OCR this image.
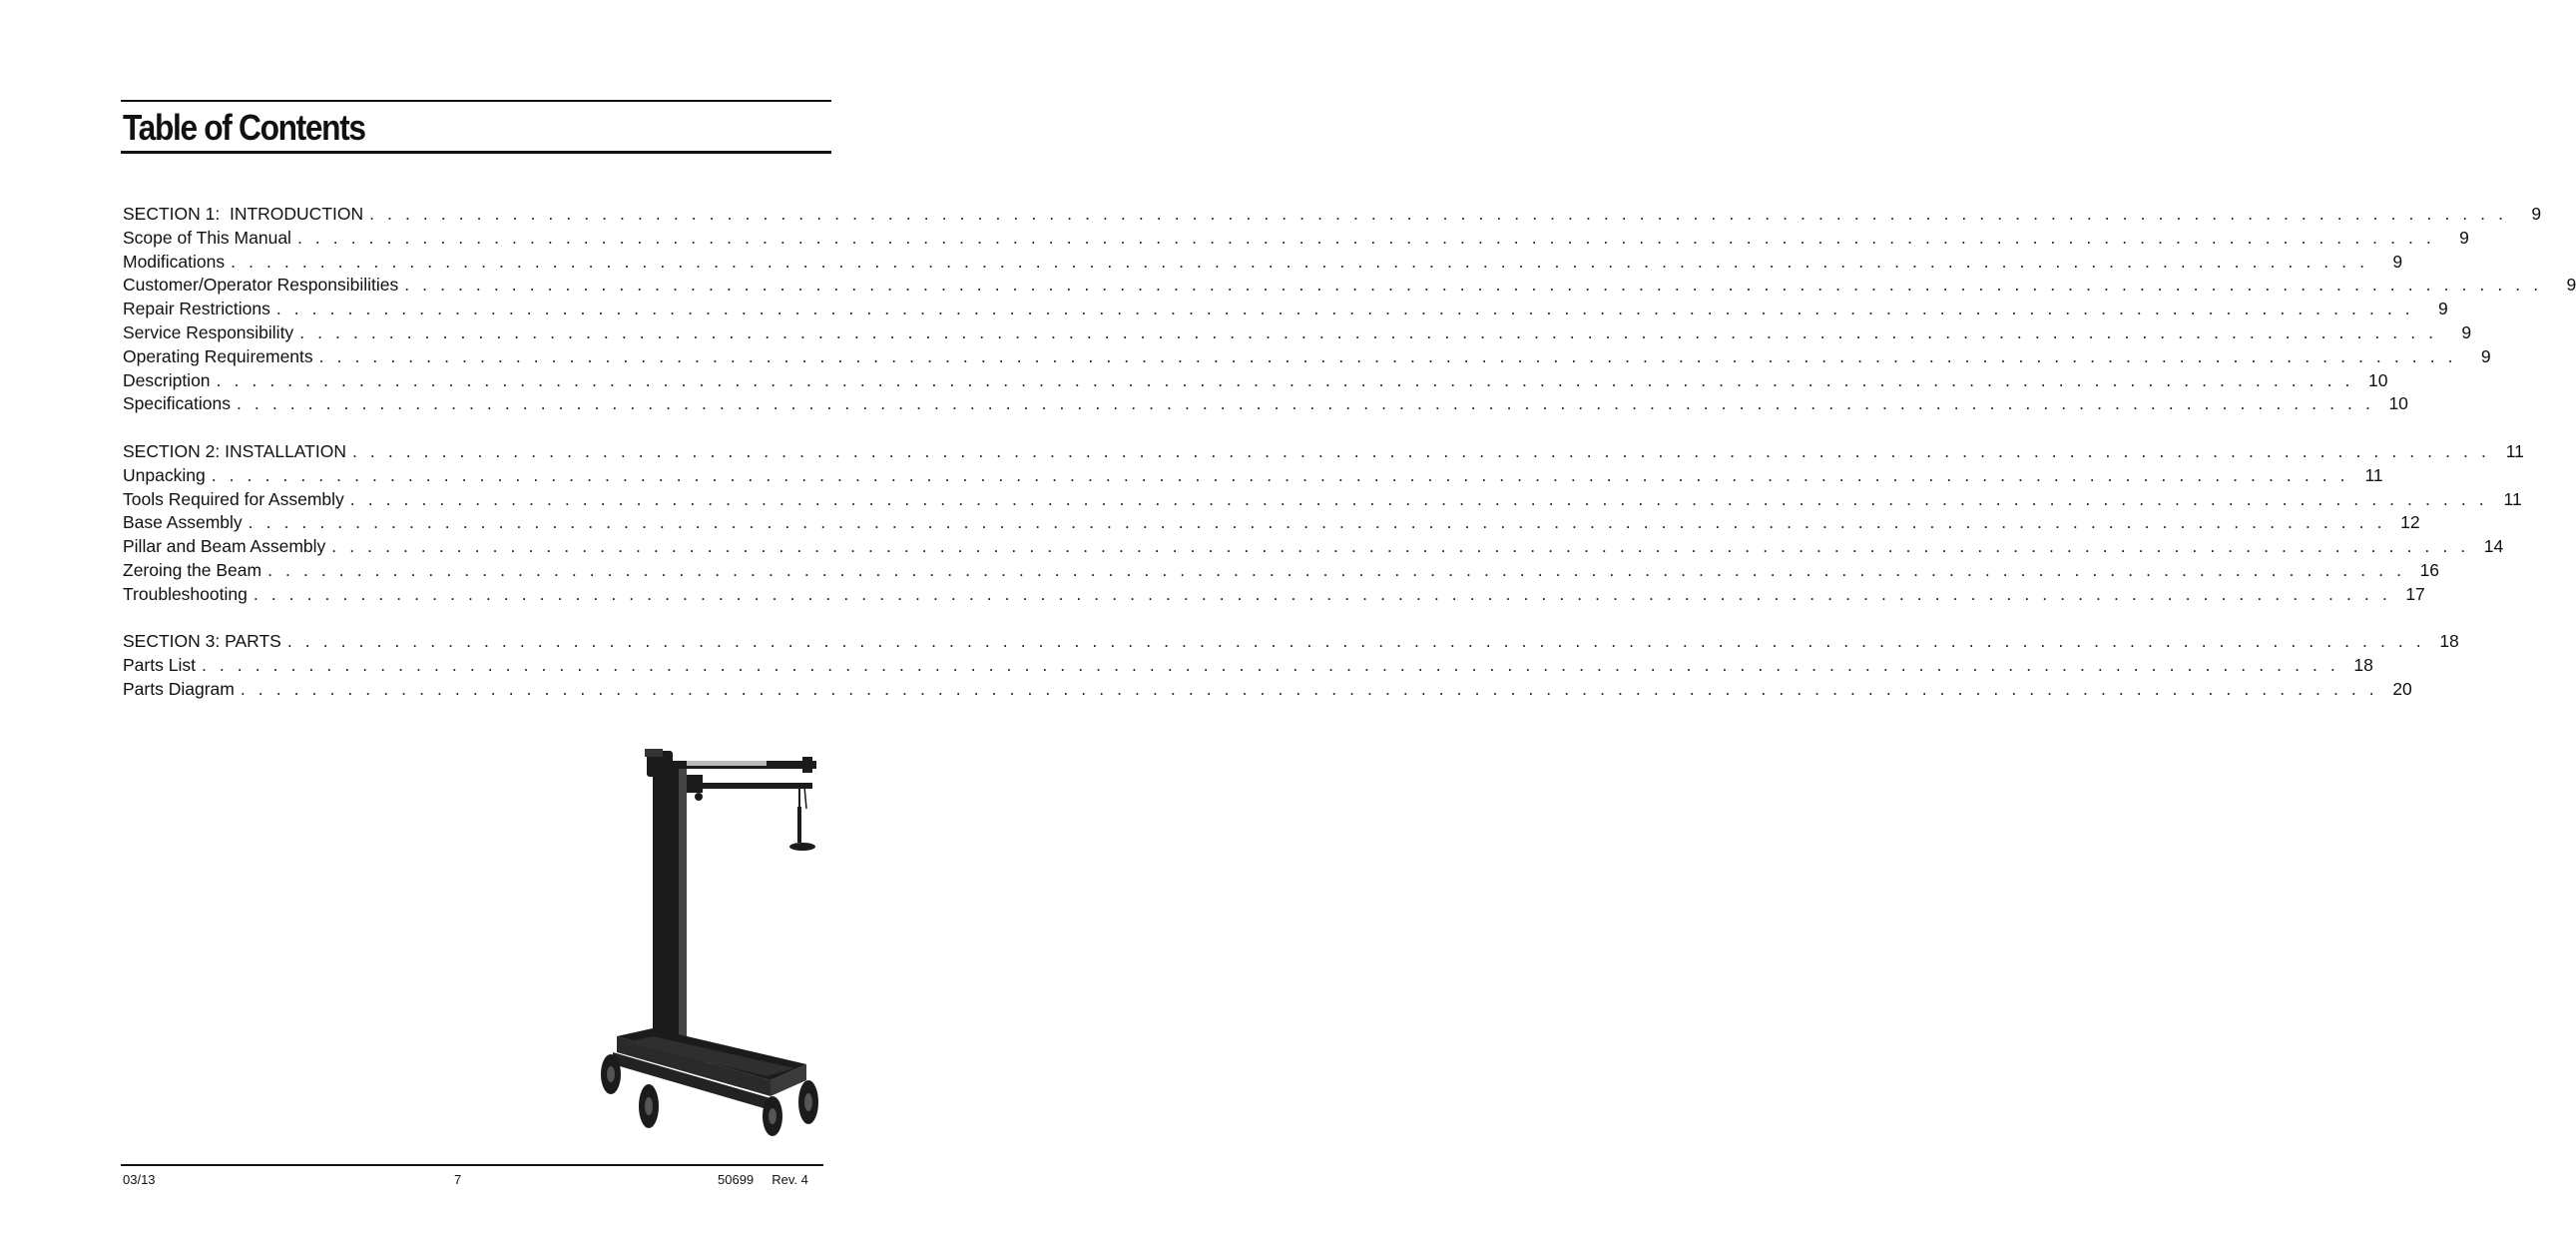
Table of Contents
SECTION 1:  INTRODUCTION . . . . . . . . . . . . . . . . . . . . . . . . . . . . . . . . . . . . . . . . . . . . . . . . . . . . . . . . . . . . . . . . . . . . . . . . . . . . . . . . . . . . . . . . . . . . . . . . . . . . . . . . . . . . . . . . . . . . . . . .	9
Scope of This Manual . . . . . . . . . . . . . . . . . . . . . . . . . . . . . . . . . . . . . . . . . . . . . . . . . . . . . . . . . . . . . . . . . . . . . . . . . . . . . . . . . . . . . . . . . . . . . . . . . . . . . . . . . . . . . . . . . . . . . . . .	9
Modifications . . . . . . . . . . . . . . . . . . . . . . . . . . . . . . . . . . . . . . . . . . . . . . . . . . . . . . . . . . . . . . . . . . . . . . . . . . . . . . . . . . . . . . . . . . . . . . . . . . . . . . . . . . . . . . . . . . . . . . . .	9
Customer/Operator Responsibilities . . . . . . . . . . . . . . . . . . . . . . . . . . . . . . . . . . . . . . . . . . . . . . . . . . . . . . . . . . . . . . . . . . . . . . . . . . . . . . . . . . . . . . . . . . . . . . . . . . . . . . . . . . . . . . . . . . . . . . . .	9
Repair Restrictions . . . . . . . . . . . . . . . . . . . . . . . . . . . . . . . . . . . . . . . . . . . . . . . . . . . . . . . . . . . . . . . . . . . . . . . . . . . . . . . . . . . . . . . . . . . . . . . . . . . . . . . . . . . . . . . . . . . . . . . .	9
Service Responsibility . . . . . . . . . . . . . . . . . . . . . . . . . . . . . . . . . . . . . . . . . . . . . . . . . . . . . . . . . . . . . . . . . . . . . . . . . . . . . . . . . . . . . . . . . . . . . . . . . . . . . . . . . . . . . . . . . . . . . . . .	9
Operating Requirements . . . . . . . . . . . . . . . . . . . . . . . . . . . . . . . . . . . . . . . . . . . . . . . . . . . . . . . . . . . . . . . . . . . . . . . . . . . . . . . . . . . . . . . . . . . . . . . . . . . . . . . . . . . . . . . . . . . . . . . .	9
Description . . . . . . . . . . . . . . . . . . . . . . . . . . . . . . . . . . . . . . . . . . . . . . . . . . . . . . . . . . . . . . . . . . . . . . . . . . . . . . . . . . . . . . . . . . . . . . . . . . . . . . . . . . . . . . . . . . . . . . . . 10
Specifications . . . . . . . . . . . . . . . . . . . . . . . . . . . . . . . . . . . . . . . . . . . . . . . . . . . . . . . . . . . . . . . . . . . . . . . . . . . . . . . . . . . . . . . . . . . . . . . . . . . . . . . . . . . . . . . . . . . . . . . . 10
SECTION 2: INSTALLATION . . . . . . . . . . . . . . . . . . . . . . . . . . . . . . . . . . . . . . . . . . . . . . . . . . . . . . . . . . . . . . . . . . . . . . . . . . . . . . . . . . . . . . . . . . . . . . . . . . . . . . . . . . . . . . . . . . . . . . . . 11
Unpacking . . . . . . . . . . . . . . . . . . . . . . . . . . . . . . . . . . . . . . . . . . . . . . . . . . . . . . . . . . . . . . . . . . . . . . . . . . . . . . . . . . . . . . . . . . . . . . . . . . . . . . . . . . . . . . . . . . . . . . . . 11
Tools Required for Assembly . . . . . . . . . . . . . . . . . . . . . . . . . . . . . . . . . . . . . . . . . . . . . . . . . . . . . . . . . . . . . . . . . . . . . . . . . . . . . . . . . . . . . . . . . . . . . . . . . . . . . . . . . . . . . . . . . . . . . . . . 11
Base Assembly . . . . . . . . . . . . . . . . . . . . . . . . . . . . . . . . . . . . . . . . . . . . . . . . . . . . . . . . . . . . . . . . . . . . . . . . . . . . . . . . . . . . . . . . . . . . . . . . . . . . . . . . . . . . . . . . . . . . . . . . 12
Pillar and Beam Assembly . . . . . . . . . . . . . . . . . . . . . . . . . . . . . . . . . . . . . . . . . . . . . . . . . . . . . . . . . . . . . . . . . . . . . . . . . . . . . . . . . . . . . . . . . . . . . . . . . . . . . . . . . . . . . . . . . . . . . . . . 14
Zeroing the Beam . . . . . . . . . . . . . . . . . . . . . . . . . . . . . . . . . . . . . . . . . . . . . . . . . . . . . . . . . . . . . . . . . . . . . . . . . . . . . . . . . . . . . . . . . . . . . . . . . . . . . . . . . . . . . . . . . . . . . . . . 16
Troubleshooting . . . . . . . . . . . . . . . . . . . . . . . . . . . . . . . . . . . . . . . . . . . . . . . . . . . . . . . . . . . . . . . . . . . . . . . . . . . . . . . . . . . . . . . . . . . . . . . . . . . . . . . . . . . . . . . . . . . . . . . . 17
SECTION 3: PARTS . . . . . . . . . . . . . . . . . . . . . . . . . . . . . . . . . . . . . . . . . . . . . . . . . . . . . . . . . . . . . . . . . . . . . . . . . . . . . . . . . . . . . . . . . . . . . . . . . . . . . . . . . . . . . . . . . . . . . . . . 18
Parts List . . . . . . . . . . . . . . . . . . . . . . . . . . . . . . . . . . . . . . . . . . . . . . . . . . . . . . . . . . . . . . . . . . . . . . . . . . . . . . . . . . . . . . . . . . . . . . . . . . . . . . . . . . . . . . . . . . . . . . . . 18
Parts Diagram . . . . . . . . . . . . . . . . . . . . . . . . . . . . . . . . . . . . . . . . . . . . . . . . . . . . . . . . . . . . . . . . . . . . . . . . . . . . . . . . . . . . . . . . . . . . . . . . . . . . . . . . . . . . . . . . . . . . . . . . 20
03/13	7	50699     Rev. 4
